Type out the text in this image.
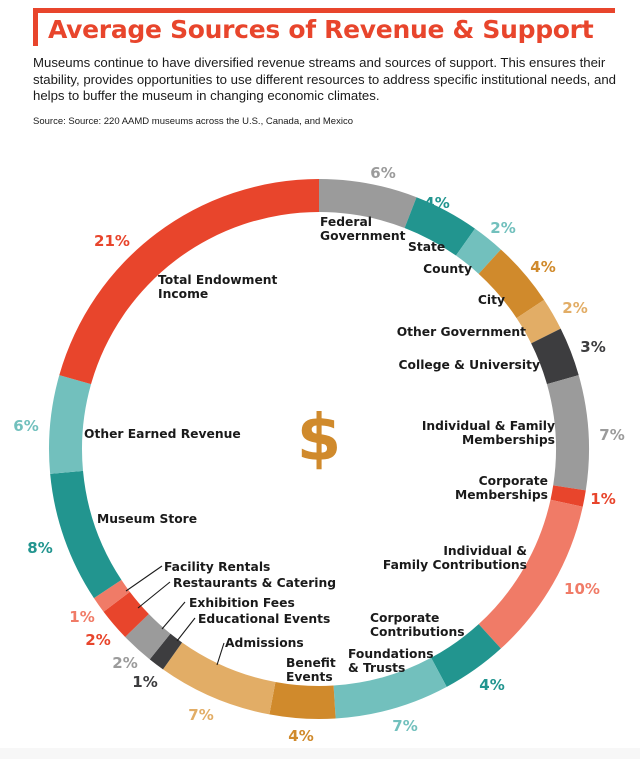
Average Sources of Revenue & Support

Museums continue to have diversified revenue streams and sources of support. This ensures their stability, provides opportunities to use different resources to address specific institutional needs, and helps to buffer the museum in changing economic climates.

Source: Source: 220 AAMD museums across the U.S., Canada, and Mexico

Federal Government
State
County
City
Other Government
College & University
Individual & Family Memberships
Corporate Memberships
Individual & Family Contributions
Corporate Contributions
Foundations & Trusts
Benefit Events
Admissions
Educational Events
Exhibition Fees
Restaurants & Catering
Facility Rentals
Museum Store
Other Earned Revenue
Total Endowment Income
6%
4%
2%
4%
2%
3%
7%
1%
10%
4%
7%
4%
7%
1%
2%
2%
1%
8%
6%
21%
$
